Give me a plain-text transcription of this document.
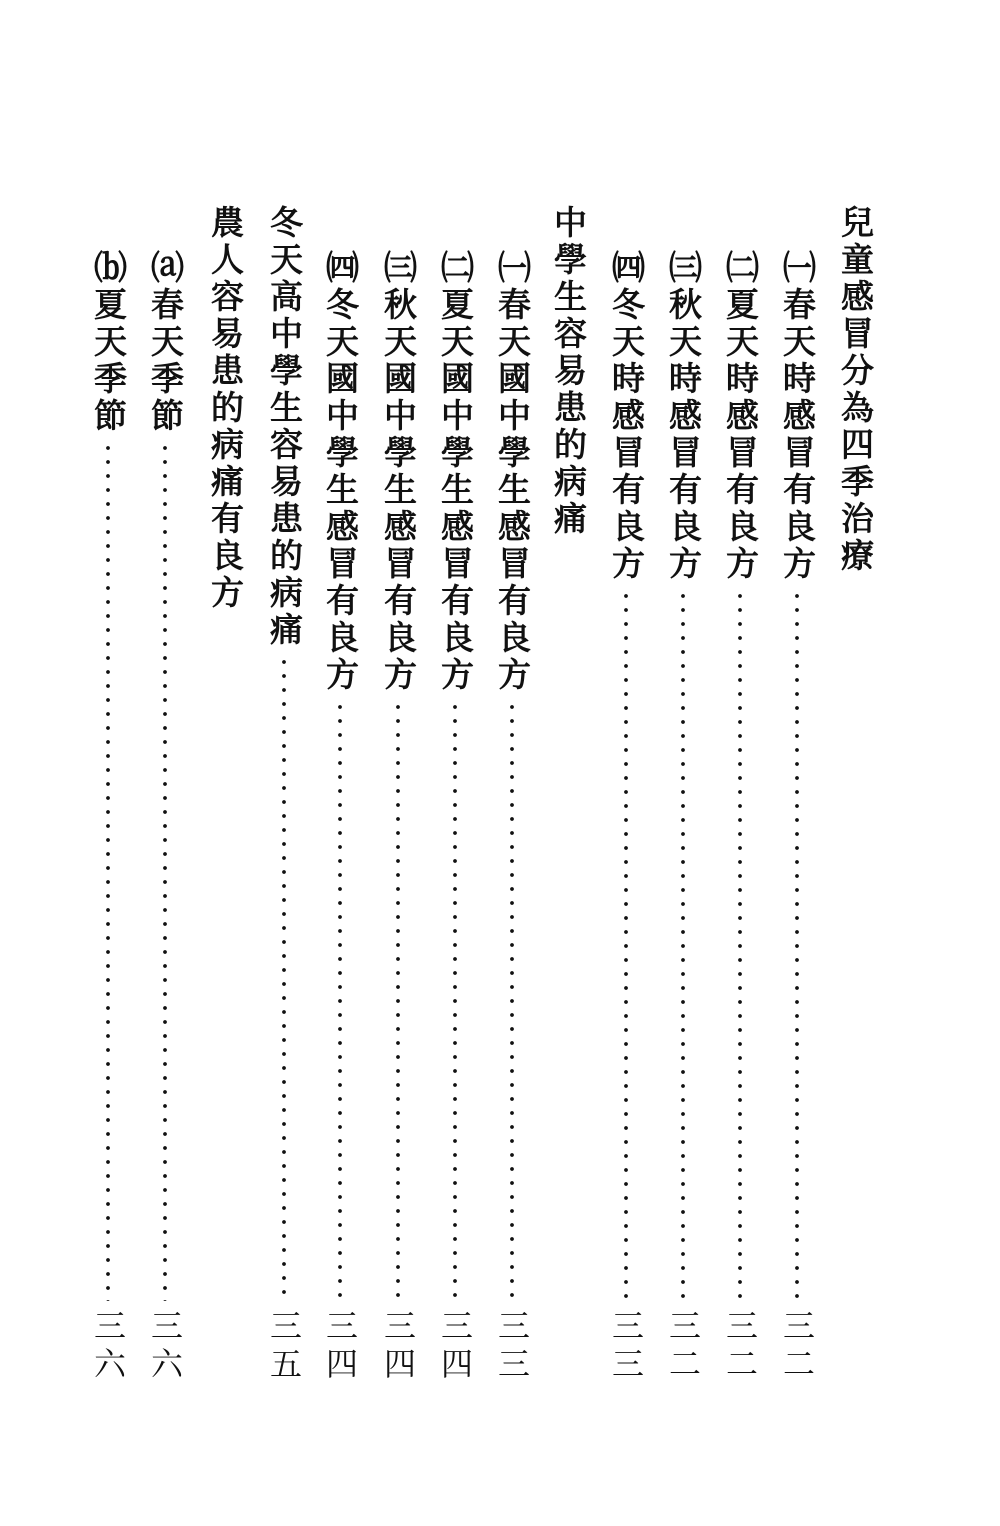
兒童感冒分為四季治療
㈠春天時感冒有良方
三二
㈡夏天時感冒有良方
三二
㈢秋天時感冒有良方
三二
㈣冬天時感冒有良方
三三
中學生容易患的病痛
㈠春天國中學生感冒有良方
三三
㈡夏天國中學生感冒有良方
三四
㈢秋天國中學生感冒有良方
三四
㈣冬天國中學生感冒有良方
三四
冬天高中學生容易患的病痛
三五
農人容易患的病痛有良方
⒜春天季節
三六
⒝夏天季節
三六
